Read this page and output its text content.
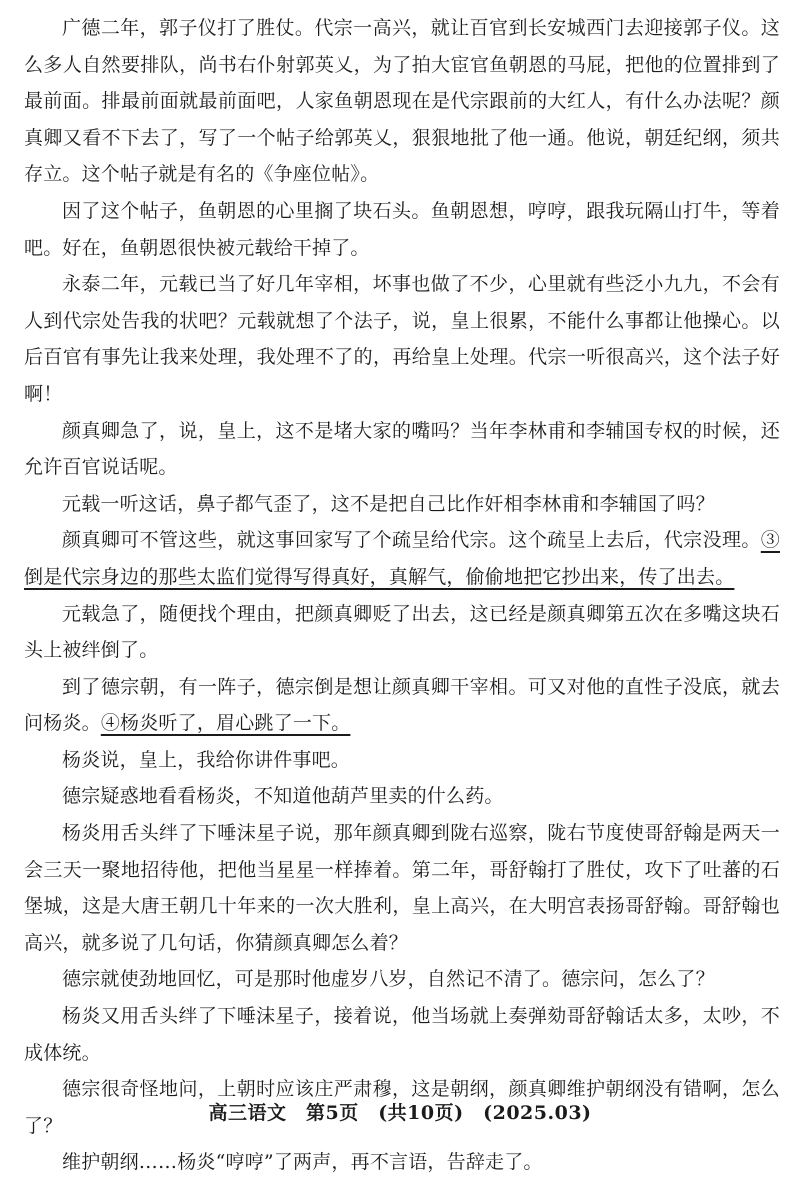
广德二年，郭子仪打了胜仗。代宗一高兴，就让百官到长安城西门去迎接郭子仪。这么多人自然要排队，尚书右仆射郭英乂，为了拍大宦官鱼朝恩的马屁，把他的位置排到了最前面。排最前面就最前面吧，人家鱼朝恩现在是代宗跟前的大红人，有什么办法呢？颜真卿又看不下去了，写了一个帖子给郭英乂，狠狠地批了他一通。他说，朝廷纪纲，须共存立。这个帖子就是有名的《争座位帖》。

因了这个帖子，鱼朝恩的心里搁了块石头。鱼朝恩想，哼哼，跟我玩隔山打牛，等着吧。好在，鱼朝恩很快被元载给干掉了。

永泰二年，元载已当了好几年宰相，坏事也做了不少，心里就有些泛小九九，不会有人到代宗处告我的状吧？元载就想了个法子，说，皇上很累，不能什么事都让他操心。以后百官有事先让我来处理，我处理不了的，再给皇上处理。代宗一听很高兴，这个法子好啊！

颜真卿急了，说，皇上，这不是堵大家的嘴吗？当年李林甫和李辅国专权的时候，还允许百官说话呢。

元载一听这话，鼻子都气歪了，这不是把自己比作奸相李林甫和李辅国了吗？

颜真卿可不管这些，就这事回家写了个疏呈给代宗。这个疏呈上去后，代宗没理。③倒是代宗身边的那些太监们觉得写得真好，真解气，偷偷地把它抄出来，传了出去。

元载急了，随便找个理由，把颜真卿贬了出去，这已经是颜真卿第五次在多嘴这块石头上被绊倒了。

到了德宗朝，有一阵子，德宗倒是想让颜真卿干宰相。可又对他的直性子没底，就去问杨炎。④杨炎听了，眉心跳了一下。

杨炎说，皇上，我给你讲件事吧。

德宗疑惑地看看杨炎，不知道他葫芦里卖的什么药。

杨炎用舌头绊了下唾沫星子说，那年颜真卿到陇右巡察，陇右节度使哥舒翰是两天一会三天一聚地招待他，把他当星星一样捧着。第二年，哥舒翰打了胜仗，攻下了吐蕃的石堡城，这是大唐王朝几十年来的一次大胜利，皇上高兴，在大明宫表扬哥舒翰。哥舒翰也高兴，就多说了几句话，你猜颜真卿怎么着？

德宗就使劲地回忆，可是那时他虚岁八岁，自然记不清了。德宗问，怎么了？

杨炎又用舌头绊了下唾沫星子，接着说，他当场就上奏弹劾哥舒翰话太多，太吵，不成体统。

德宗很奇怪地问，上朝时应该庄严肃穆，这是朝纲，颜真卿维护朝纲没有错啊，怎么了？

维护朝纲……杨炎“哼哼”了两声，再不言语，告辞走了。

高三语文　第5页　(共10页)　(2025.03)
